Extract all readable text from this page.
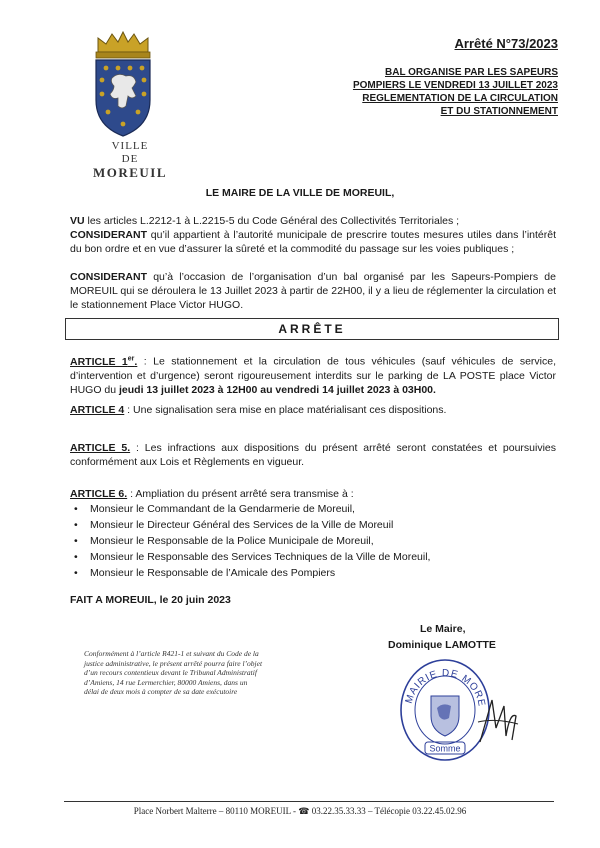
VILLE
DE
MOREUIL
Arrêté N°73/2023
BAL ORGANISE PAR LES SAPEURS
POMPIERS LE VENDREDI 13 JUILLET 2023
REGLEMENTATION DE LA CIRCULATION
ET DU STATIONNEMENT
LE MAIRE DE LA VILLE DE MOREUIL,
VU les articles L.2212-1 à L.2215-5 du Code Général des Collectivités Territoriales ;
CONSIDERANT qu’il appartient à l’autorité municipale de prescrire toutes mesures utiles dans l’intérêt du bon ordre et en vue d’assurer la sûreté et la commodité du passage sur les voies publiques ;
CONSIDERANT qu’à l’occasion de l’organisation d’un bal organisé par les Sapeurs-Pompiers de MOREUIL qui se déroulera le 13 Juillet 2023 à partir de 22H00, il y a lieu de réglementer la circulation et le stationnement Place Victor HUGO.
ARRÊTE
ARTICLE 1er. : Le stationnement et la circulation de tous véhicules (sauf véhicules de service, d’intervention et d’urgence) seront rigoureusement interdits sur le parking de LA POSTE place Victor HUGO du jeudi 13 juillet 2023 à 12H00 au vendredi 14 juillet 2023 à 03H00.
ARTICLE 4 : Une signalisation sera mise en place matérialisant ces dispositions.
ARTICLE 5. : Les infractions aux dispositions du présent arrêté seront constatées et poursuivies conformément aux Lois et Règlements en vigueur.
ARTICLE 6. : Ampliation du présent arrêté sera transmise à :
• Monsieur le Commandant de la Gendarmerie de Moreuil,
• Monsieur le Directeur Général des Services de la Ville de Moreuil
• Monsieur le Responsable de la Police Municipale de Moreuil,
• Monsieur le Responsable des Services Techniques de la Ville de Moreuil,
• Monsieur le Responsable de l’Amicale des Pompiers
FAIT A MOREUIL, le 20 juin 2023
Le Maire,
Dominique LAMOTTE
Conformément à l’article R421-1 et suivant du Code de la justice administrative, le présent arrêté pourra faire l’objet d’un recours contentieux devant le Tribunal Administratif d’Amiens, 14 rue Lermerchier, 80000 Amiens, dans un délai de deux mois à compter de sa date exécutoire
MAIRIE DE MORE
Somme
Place Norbert Malterre – 80110 MOREUIL - ☎ 03.22.35.33.33 – Télécopie 03.22.45.02.96
